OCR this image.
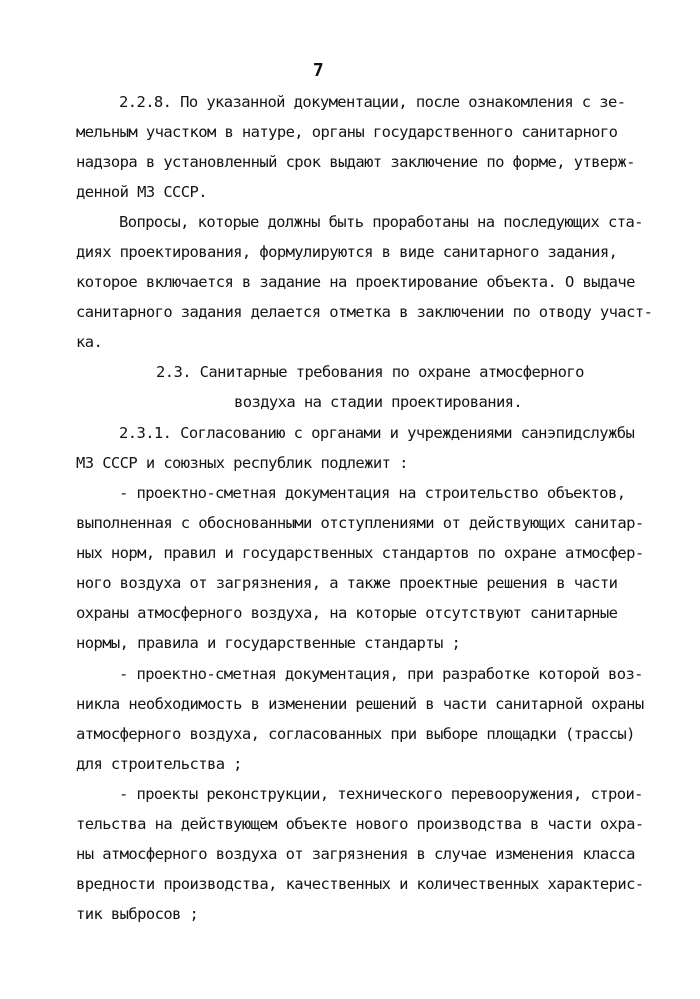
7
2.2.8. По указанной документации, после ознакомления с зе-
мельным участком в натуре, органы государственного санитарного
надзора в установленный срок выдают заключение по форме, утверж-
денной МЗ СССР.
Вопросы, которые должны быть проработаны на последующих ста-
диях проектирования, формулируются в виде санитарного задания,
которое включается в задание на проектирование объекта. О выдаче
санитарного задания делается отметка в заключении по отводу участ-
ка.
2.3. Санитарные требования по охране атмосферного
воздуха на стадии проектирования.
2.3.1. Согласованию с органами и учреждениями санэпидслужбы
МЗ СССР и союзных республик подлежит :
- проектно-сметная документация на строительство объектов,
выполненная с обоснованными отступлениями от действующих санитар-
ных норм, правил и государственных стандартов по охране атмосфер-
ного воздуха от загрязнения, а также проектные решения в части
охраны атмосферного воздуха, на которые отсутствуют санитарные
нормы, правила и государственные стандарты ;
- проектно-сметная документация, при разработке которой воз-
никла необходимость в изменении решений в части санитарной охраны
атмосферного воздуха, согласованных при выборе площадки (трассы)
для строительства ;
- проекты реконструкции, технического перевооружения, строи-
тельства на действующем объекте нового производства в части охра-
ны атмосферного воздуха от загрязнения в случае изменения класса
вредности производства, качественных и количественных характерис-
тик выбросов ;
